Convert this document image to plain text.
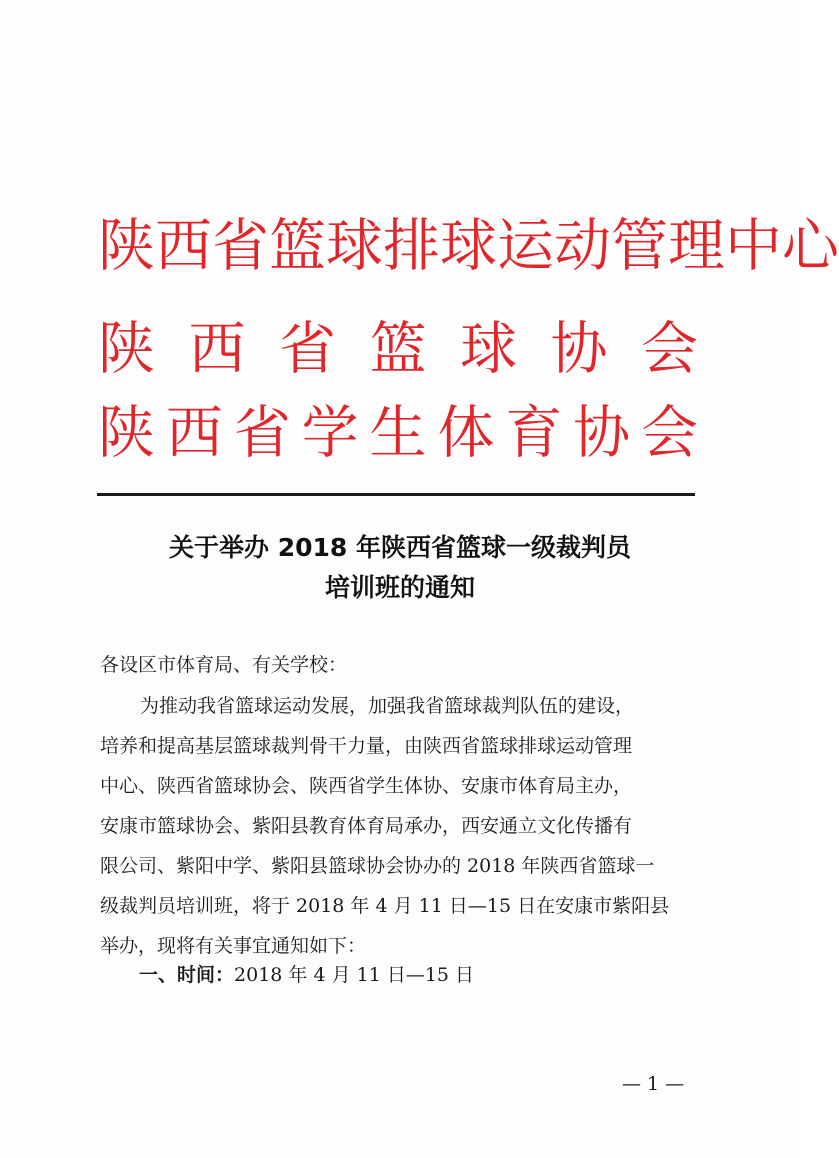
陕 西 省 篮 球 排 球 运 动 管 理 中 心
陕 西 省 篮 球 协 会
陕 西 省 学 生 体 育 协 会
关于举办 2018 年陕西省篮球一级裁判员
培训班的通知
各设区市体育局、有关学校：
为推动我省篮球运动发展，加强我省篮球裁判队伍的建设，
培养和提高基层篮球裁判骨干力量，由陕西省篮球排球运动管理
中心、陕西省篮球协会、陕西省学生体协、安康市体育局主办，
安康市篮球协会、紫阳县教育体育局承办，西安通立文化传播有
限公司、紫阳中学、紫阳县篮球协会协办的 2018 年陕西省篮球一
级裁判员培训班，将于 2018 年 4 月 11 日—15 日在安康市紫阳县
举办，现将有关事宜通知如下：
一、时间：2018 年 4 月 11 日—15 日
— 1 —
